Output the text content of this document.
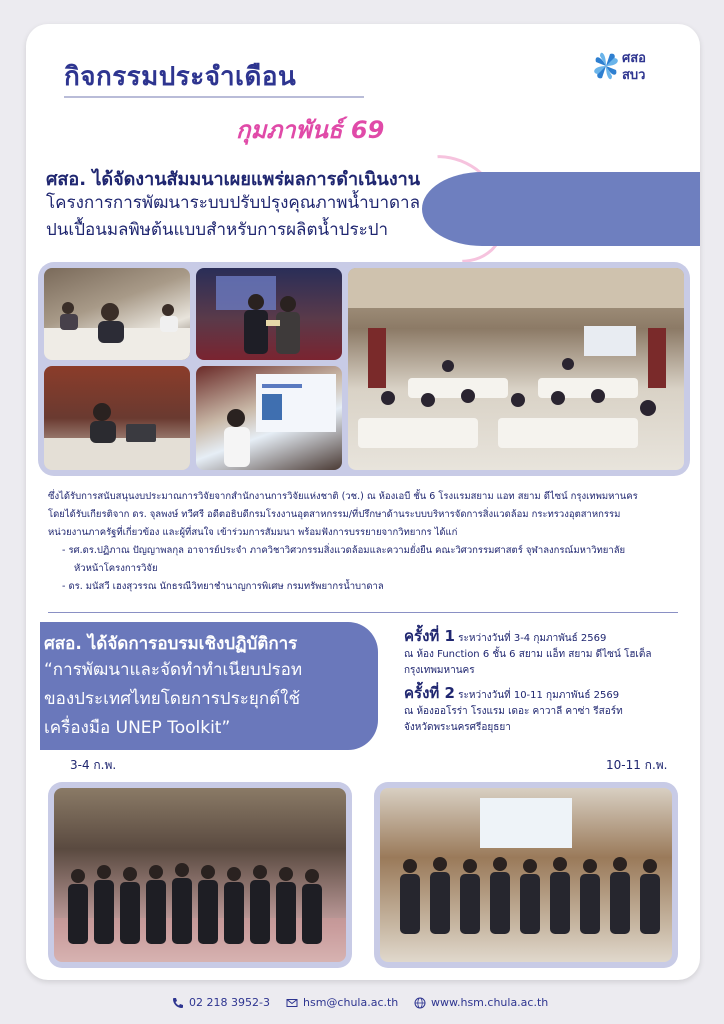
กิจกรรมประจำเดือน
กุมภาพันธ์ 69
ศสอ
สบว
ศสอ. ได้จัดงานสัมมนาเผยแพร่ผลการดำเนินงาน
โครงการการพัฒนาระบบปรับปรุงคุณภาพน้ำบาดาล
ปนเปื้อนมลพิษต้นแบบสำหรับการผลิตน้ำประปา
ซึ่งได้รับการสนับสนุนงบประมาณการวิจัยจากสำนักงานการวิจัยแห่งชาติ (วช.) ณ ห้องเอบี ชั้น 6 โรงแรมสยาม แอท สยาม ดีไซน์ กรุงเทพมหานคร
โดยได้รับเกียรติจาก ดร. จุลพงษ์ ทวีศรี อดีตอธิบดีกรมโรงงานอุตสาหกรรม/ที่ปรึกษาด้านระบบบริหารจัดการสิ่งแวดล้อม กระทรวงอุตสาหกรรม
หน่วยงานภาครัฐที่เกี่ยวข้อง และผู้ที่สนใจ เข้าร่วมการสัมมนา พร้อมฟังการบรรยายจากวิทยากร ได้แก่
- รศ.ดร.ปฏิภาณ ปัญญาพลกุล อาจารย์ประจำ ภาควิชาวิศวกรรมสิ่งแวดล้อมและความยั่งยืน คณะวิศวกรรมศาสตร์ จุฬาลงกรณ์มหาวิทยาลัย
หัวหน้าโครงการวิจัย
- ดร. มนัสวี เฮงสุวรรณ นักธรณีวิทยาชำนาญการพิเศษ กรมทรัพยากรน้ำบาดาล
ศสอ. ได้จัดการอบรมเชิงปฏิบัติการ
“การพัฒนาและจัดทำทำเนียบปรอท
ของประเทศไทยโดยการประยุกต์ใช้
เครื่องมือ UNEP Toolkit”
ครั้งที่ 1 ระหว่างวันที่ 3-4 กุมภาพันธ์ 2569
ณ ห้อง Function 6 ชั้น 6 สยาม แอ็ท สยาม ดีไซน์ โฮเต็ล
กรุงเทพมหานคร
ครั้งที่ 2 ระหว่างวันที่ 10-11 กุมภาพันธ์ 2569
ณ ห้องออโรร่า โรงแรม เดอะ คาวาลี คาซ่า รีสอร์ท
จังหวัดพระนครศรีอยุธยา
3-4 ก.พ.	10-11 ก.พ.
02 218 3952-3	hsm@chula.ac.th	www.hsm.chula.ac.th
